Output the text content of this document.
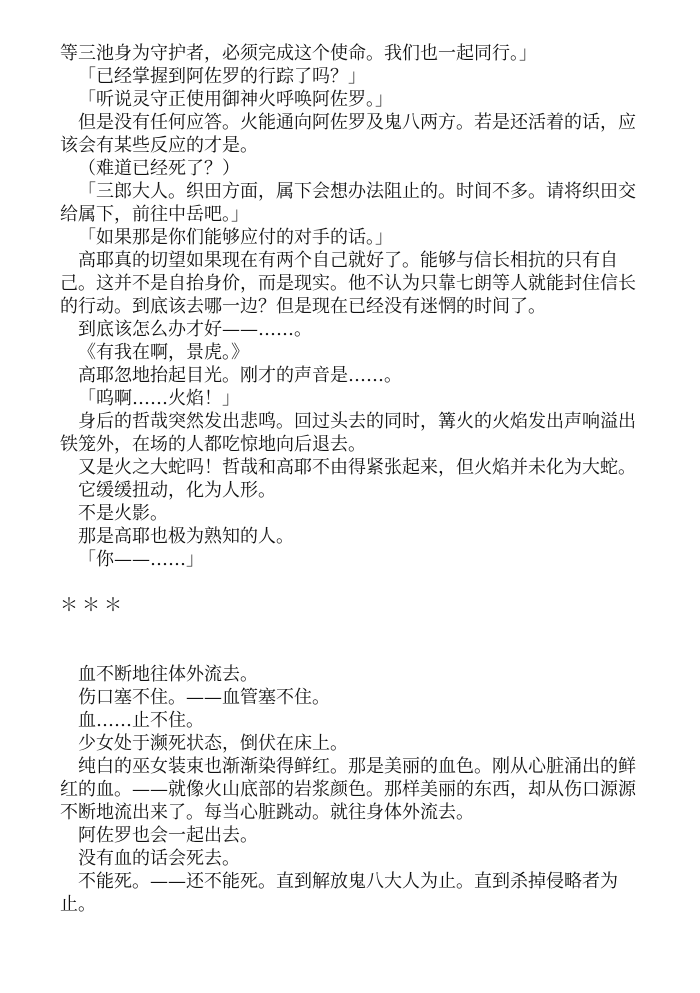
等三池身为守护者，必须完成这个使命。我们也一起同行。」

「已经掌握到阿佐罗的行踪了吗？」

「听说灵守正使用御神火呼唤阿佐罗。」

但是没有任何应答。火能通向阿佐罗及鬼八两方。若是还活着的话，应该会有某些反应的才是。

（难道已经死了？）

「三郎大人。织田方面，属下会想办法阻止的。时间不多。请将织田交给属下，前往中岳吧。」

「如果那是你们能够应付的对手的话。」

高耶真的切望如果现在有两个自己就好了。能够与信长相抗的只有自己。这并不是自抬身价，而是现实。他不认为只靠七朗等人就能封住信长的行动。到底该去哪一边？但是现在已经没有迷惘的时间了。

到底该怎么办才好——……。

《有我在啊，景虎。》

高耶忽地抬起目光。刚才的声音是……。

「呜啊……火焰！」

身后的哲哉突然发出悲鸣。回过头去的同时，篝火的火焰发出声响溢出铁笼外，在场的人都吃惊地向后退去。

又是火之大蛇吗！哲哉和高耶不由得紧张起来，但火焰并未化为大蛇。

它缓缓扭动，化为人形。

不是火影。

那是高耶也极为熟知的人。

「你——……」

＊＊＊

血不断地往体外流去。

伤口塞不住。——血管塞不住。

血……止不住。

少女处于濒死状态，倒伏在床上。

纯白的巫女装束也渐渐染得鲜红。那是美丽的血色。刚从心脏涌出的鲜红的血。——就像火山底部的岩浆颜色。那样美丽的东西，却从伤口源源不断地流出来了。每当心脏跳动。就往身体外流去。

阿佐罗也会一起出去。

没有血的话会死去。

不能死。——还不能死。直到解放鬼八大人为止。直到杀掉侵略者为止。
